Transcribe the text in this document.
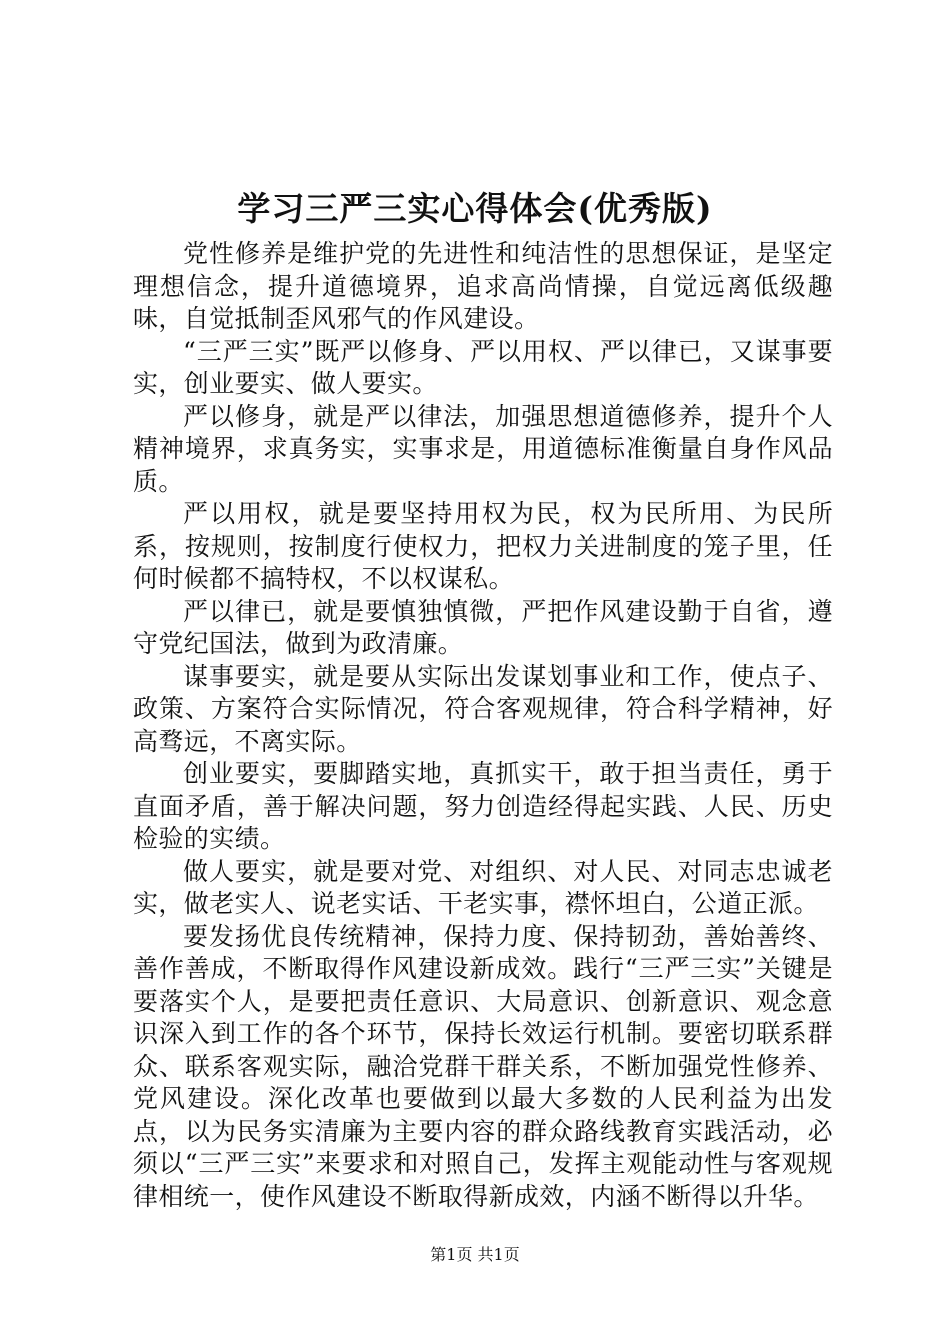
学习三严三实心得体会(优秀版)

党性修养是维护党的先进性和纯洁性的思想保证，是坚定理想信念，提升道德境界，追求高尚情操，自觉远离低级趣味，自觉抵制歪风邪气的作风建设。

“三严三实”既严以修身、严以用权、严以律已，又谋事要实，创业要实、做人要实。

严以修身，就是严以律法，加强思想道德修养，提升个人精神境界，求真务实，实事求是，用道德标准衡量自身作风品质。

严以用权，就是要坚持用权为民，权为民所用、为民所系，按规则，按制度行使权力，把权力关进制度的笼子里，任何时候都不搞特权，不以权谋私。

严以律已，就是要慎独慎微，严把作风建设勤于自省，遵守党纪国法，做到为政清廉。

谋事要实，就是要从实际出发谋划事业和工作，使点子、政策、方案符合实际情况，符合客观规律，符合科学精神，好高骛远，不离实际。

创业要实，要脚踏实地，真抓实干，敢于担当责任，勇于直面矛盾，善于解决问题，努力创造经得起实践、人民、历史检验的实绩。

做人要实，就是要对党、对组织、对人民、对同志忠诚老实，做老实人、说老实话、干老实事，襟怀坦白，公道正派。

要发扬优良传统精神，保持力度、保持韧劲，善始善终、善作善成，不断取得作风建设新成效。践行“三严三实”关键是要落实个人，是要把责任意识、大局意识、创新意识、观念意识深入到工作的各个环节，保持长效运行机制。要密切联系群众、联系客观实际，融洽党群干群关系，不断加强党性修养、党风建设。深化改革也要做到以最大多数的人民利益为出发点，以为民务实清廉为主要内容的群众路线教育实践活动，必须以“三严三实”来要求和对照自己，发挥主观能动性与客观规律相统一，使作风建设不断取得新成效，内涵不断得以升华。

第1页 共1页
